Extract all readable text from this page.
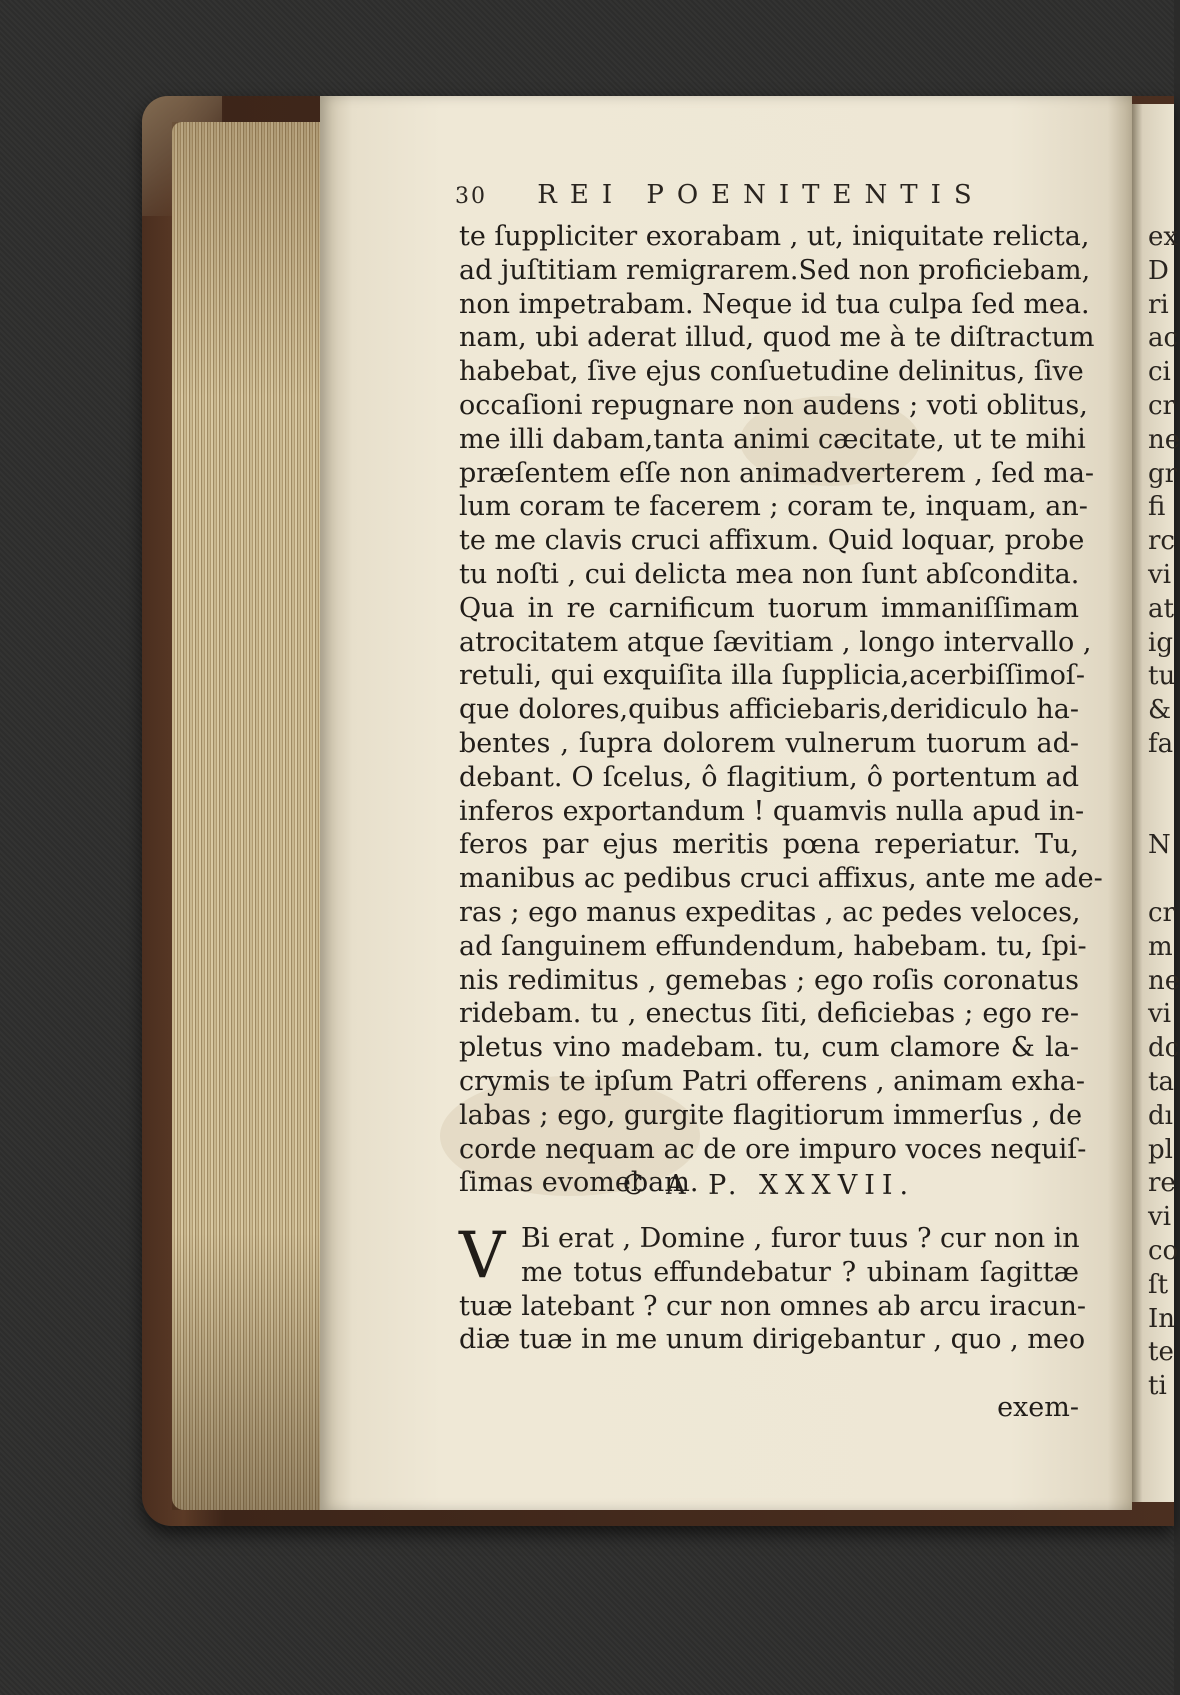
ex
D
ri
ac
ci
cr
ne
gr
fi
rc
vi
at
ig
tu
&
fa
N
cr
m
ne
vi
dc
ta
dı
pl
re
vi
co
ſt
In
te
ti
30 REI POENITENTIS
te ſuppliciter exorabam , ut, iniquitate relicta,
ad juſtitiam remigrarem.Sed non proficiebam,
non impetrabam. Neque id tua culpa ſed mea.
nam, ubi aderat illud, quod me à te diſtractum
habebat, ſive ejus conſuetudine delinitus, ſive
occaſioni repugnare non audens ; voti oblitus,
me illi dabam,tanta animi cæcitate, ut te mihi
præſentem eſſe non animadverterem , ſed ma-
lum coram te facerem ; coram te, inquam, an-
te me clavis cruci affixum. Quid loquar, probe
tu noſti , cui delicta mea non ſunt abſcondita.
Qua in re carnificum tuorum immaniſſimam
atrocitatem atque ſævitiam , longo intervallo ,
retuli, qui exquiſita illa ſupplicia,acerbiſſimoſ-
que dolores,quibus afficiebaris,deridiculo ha-
bentes , ſupra dolorem vulnerum tuorum ad-
debant. O ſcelus, ô flagitium, ô portentum ad
inferos exportandum ! quamvis nulla apud in-
feros par ejus meritis pœna reperiatur. Tu,
manibus ac pedibus cruci affixus, ante me ade-
ras ; ego manus expeditas , ac pedes veloces,
ad ſanguinem effundendum, habebam. tu, ſpi-
nis redimitus , gemebas ; ego roſis coronatus
ridebam. tu , enectus ſiti, deficiebas ; ego re-
pletus vino madebam. tu, cum clamore & la-
crymis te ipſum Patri offerens , animam exha-
labas ; ego, gurgite flagitiorum immerſus , de
corde nequam ac de ore impuro voces nequiſ-
ſimas evomebam.
C A P. XXXVII.
V Bi erat , Domine , furor tuus ? cur non in
me totus effundebatur ? ubinam ſagittæ
tuæ latebant ? cur non omnes ab arcu iracun-
diæ tuæ in me unum dirigebantur , quo , meo
exem-
